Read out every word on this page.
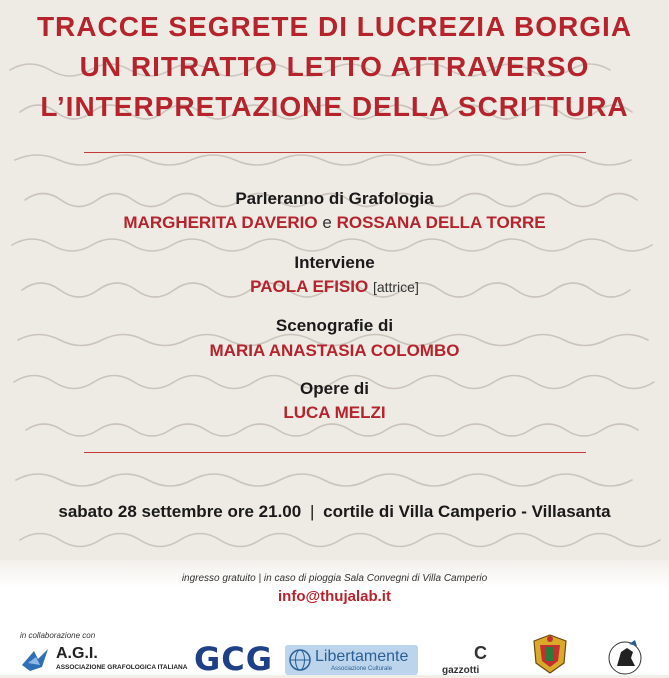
TRACCE SEGRETE DI LUCREZIA BORGIA
UN RITRATTO LETTO ATTRAVERSO
L’INTERPRETAZIONE DELLA SCRITTURA
Parleranno di Grafologia
MARGHERITA DAVERIO e ROSSANA DELLA TORRE
Interviene
PAOLA EFISIO [attrice]
Scenografie di
MARIA ANASTASIA COLOMBO
Opere di
LUCA MELZI
sabato 28 settembre ore 21.00 | cortile di Villa Camperio - Villasanta
ingresso gratuito | in caso di pioggia Sala Convegni di Villa Camperio
info@thujalab.it
in collaborazione con
A.G.I.
ASSOCIAZIONE GRAFOLOGICA ITALIANA GCG	Libertamente
Associazione Culturale
C
gazzotti
